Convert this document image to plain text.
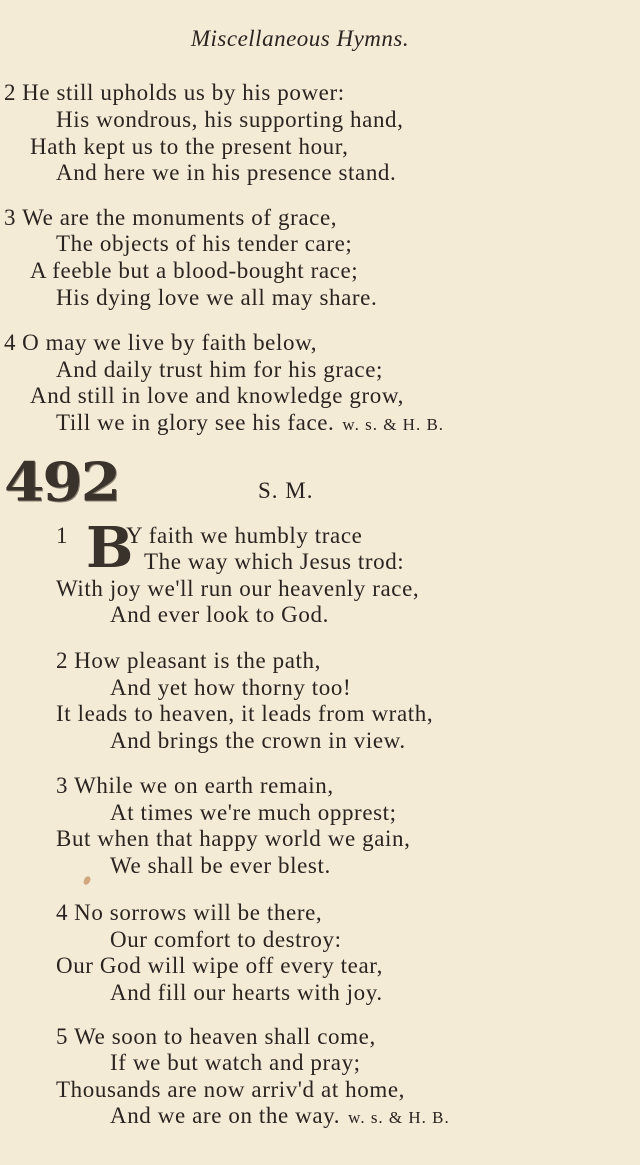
Miscellaneous Hymns.
2 He still upholds us by his power:
His wondrous, his supporting hand,
Hath kept us to the present hour,
And here we in his presence stand.
3 We are the monuments of grace,
The objects of his tender care;
A feeble but a blood-bought race;
His dying love we all may share.
4 O may we live by faith below,
And daily trust him for his grace;
And still in love and knowledge grow,
Till we in glory see his face. w. s. & H. B.
492	S. M.
1 B
Y faith we humbly trace
The way which Jesus trod:
With joy we'll run our heavenly race,
And ever look to God.
2 How pleasant is the path,
And yet how thorny too!
It leads to heaven, it leads from wrath,
And brings the crown in view.
3 While we on earth remain,
At times we're much opprest;
But when that happy world we gain,
We shall be ever blest.
4 No sorrows will be there,
Our comfort to destroy:
Our God will wipe off every tear,
And fill our hearts with joy.
5 We soon to heaven shall come,
If we but watch and pray;
Thousands are now arriv'd at home,
And we are on the way. w. s. & H. B.
